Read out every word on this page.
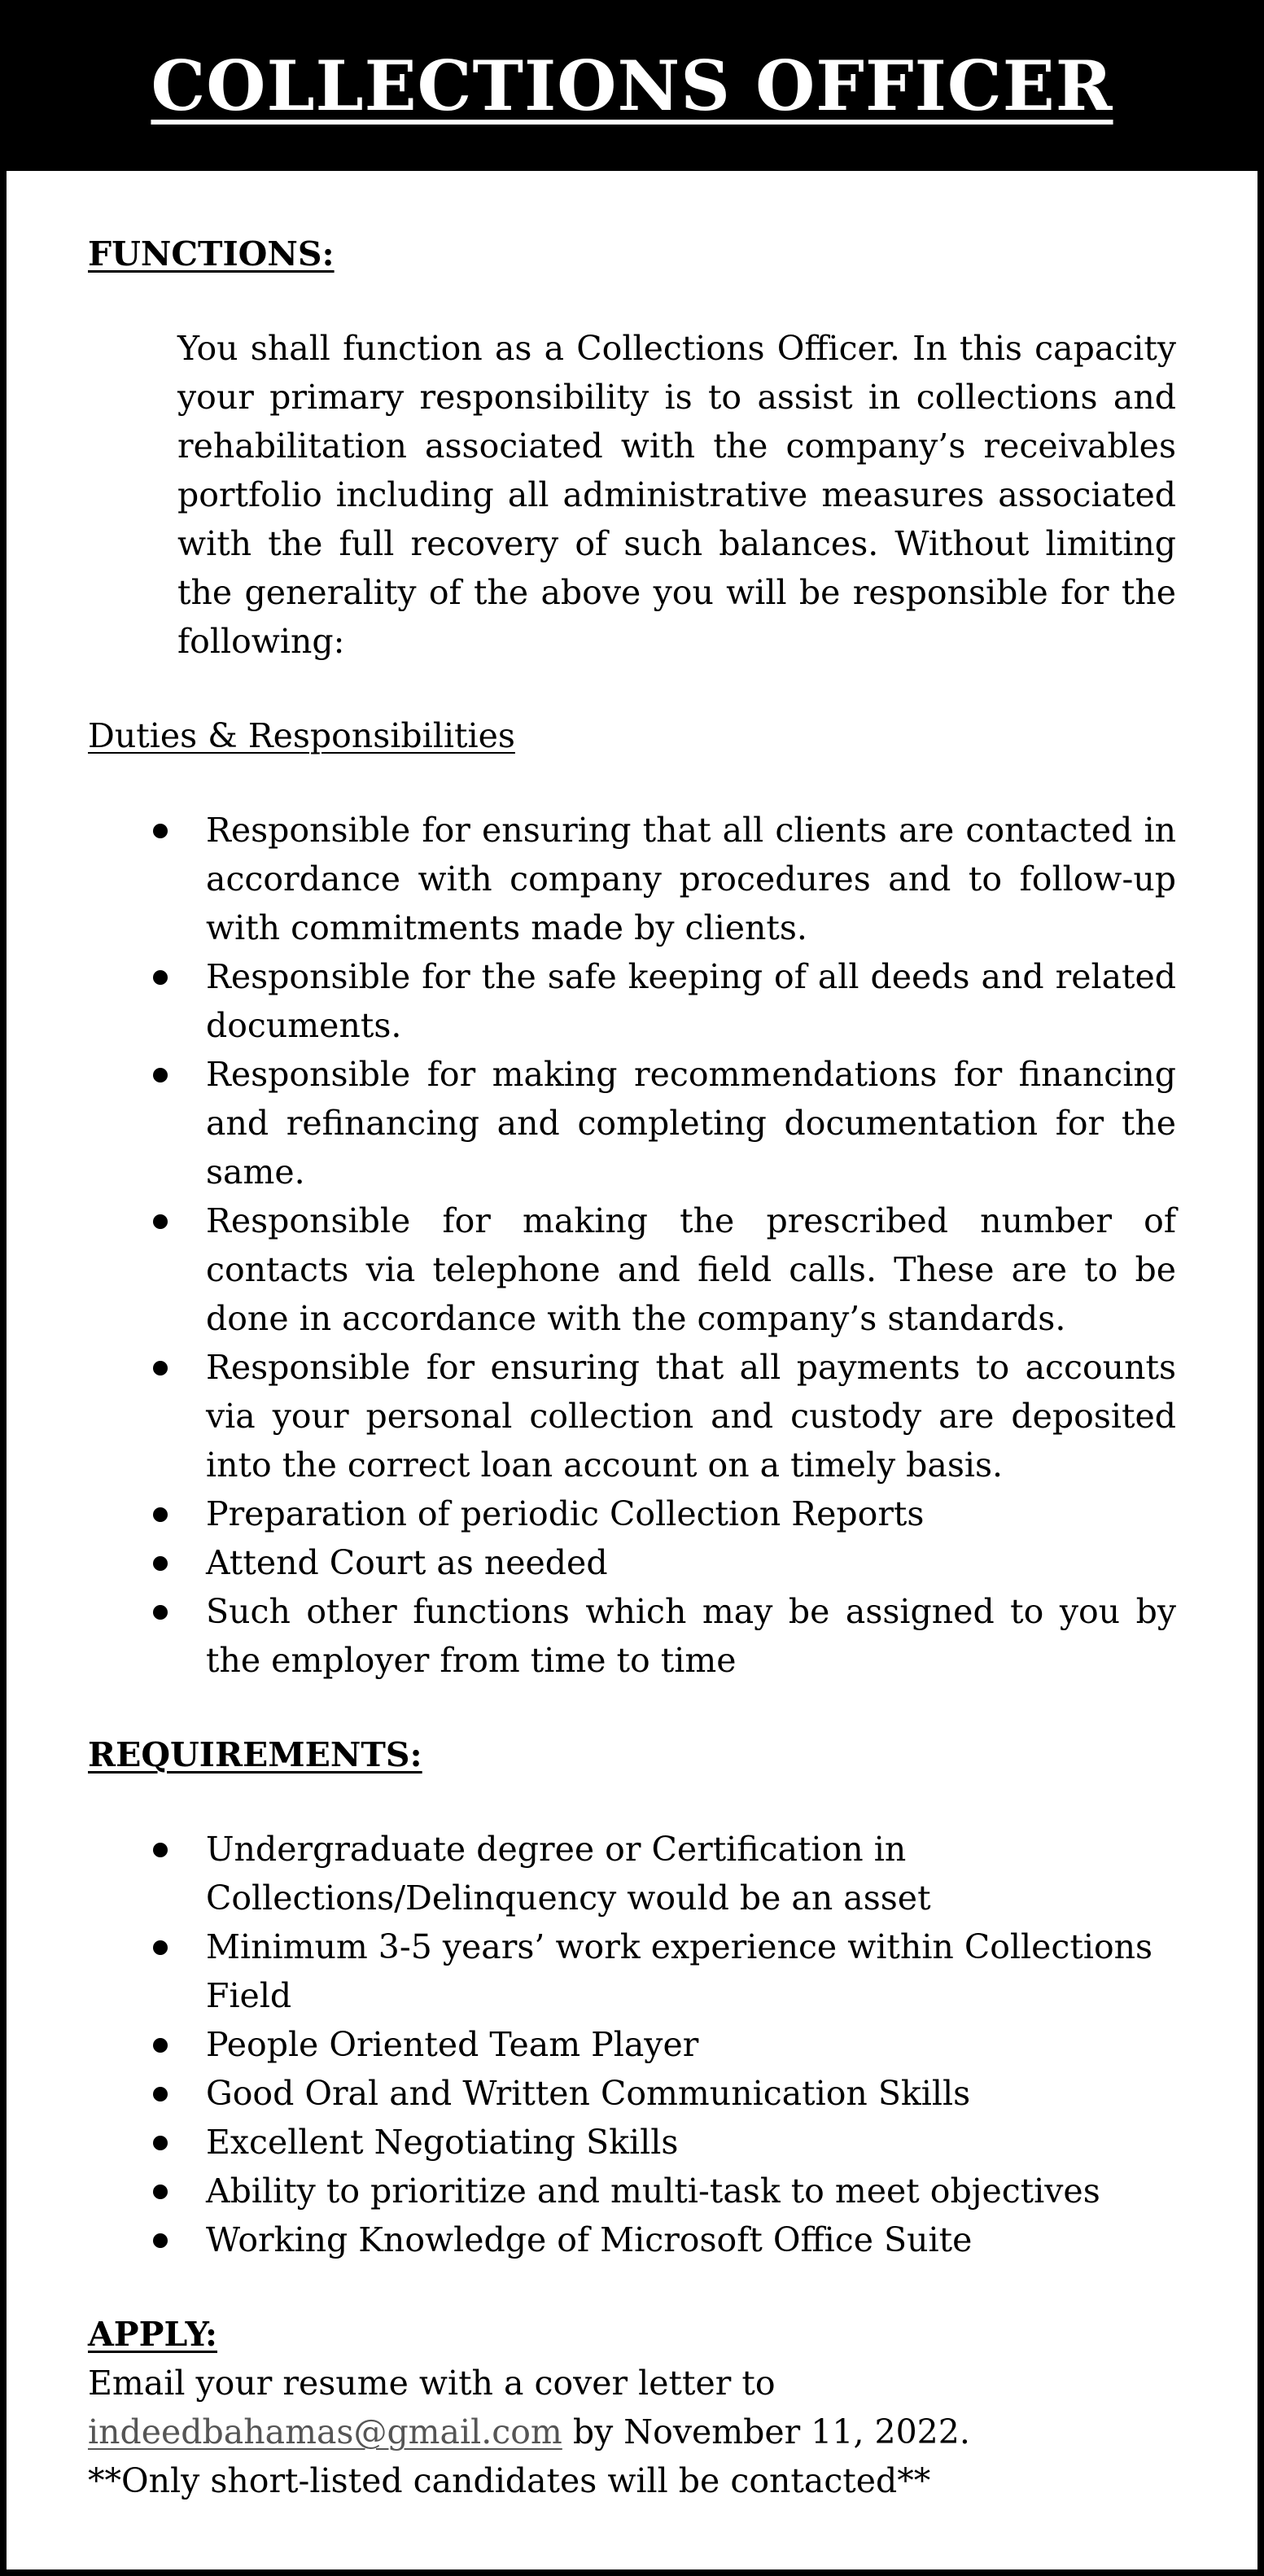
COLLECTIONS OFFICER
FUNCTIONS:

You shall function as a Collections Officer. In this capacity your primary responsibility is to assist in collections and rehabilitation associated with the company’s receivables portfolio including all administrative measures associated with the full recovery of such balances. Without limiting the generality of the above you will be responsible for the following:

Duties & Responsibilities
Responsible for ensuring that all clients are contacted in accordance with company procedures and to follow-up with commitments made by clients.
Responsible for the safe keeping of all deeds and related documents.
Responsible for making recommendations for financing and refinancing and completing documentation for the same.
Responsible for making the prescribed number of contacts via telephone and field calls. These are to be done in accordance with the company’s standards.
Responsible for ensuring that all payments to accounts via your personal collection and custody are deposited into the correct loan account on a timely basis.
Preparation of periodic Collection Reports
Attend Court as needed
Such other functions which may be assigned to you by the employer from time to time
REQUIREMENTS:
Undergraduate degree or Certification in Collections/Delinquency would be an asset
Minimum 3-5 years’ work experience within Collections Field
People Oriented Team Player
Good Oral and Written Communication Skills
Excellent Negotiating Skills
Ability to prioritize and multi-task to meet objectives
Working Knowledge of Microsoft Office Suite
APPLY:

Email your resume with a cover letter to

indeedbahamas@gmail.com by November 11, 2022.

**Only short-listed candidates will be contacted**
